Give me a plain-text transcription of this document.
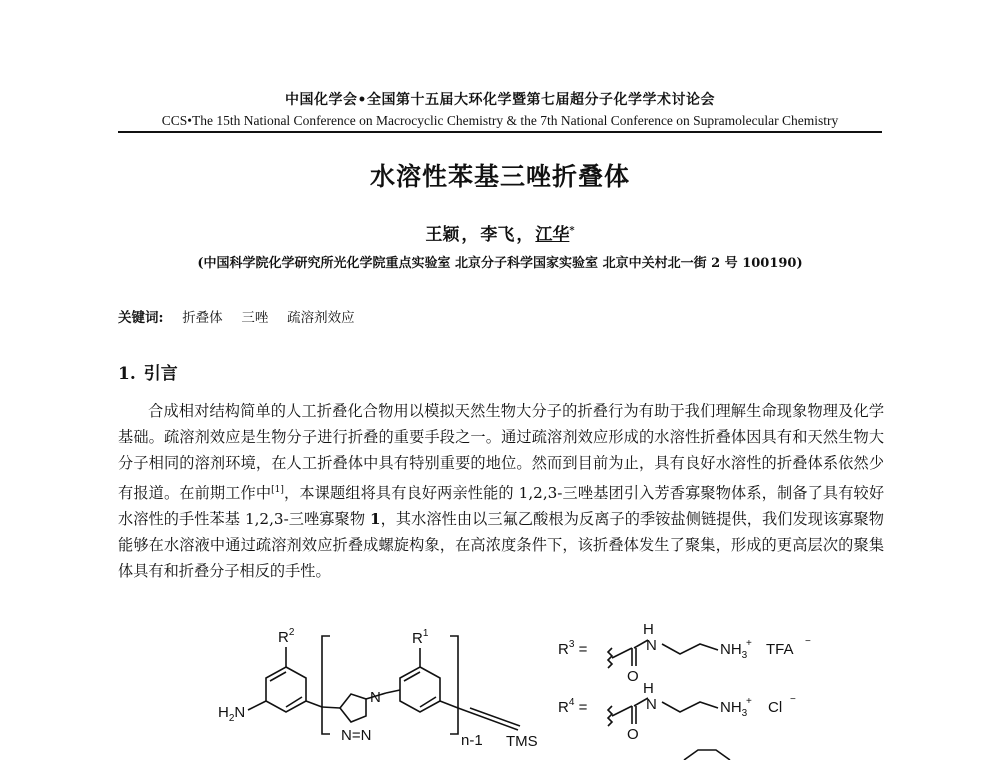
中国化学会•全国第十五届大环化学暨第七届超分子化学学术讨论会
CCS•The 15th National Conference on Macrocyclic Chemistry & the 7th National Conference on Supramolecular Chemistry
水溶性苯基三唑折叠体
王颖 ， 李飞 ， 江华*
(中国科学院化学研究所光化学院重点实验室 北京分子科学国家实验室 北京中关村北一街 2 号 100190)
关键词: 折叠体 三唑 疏溶剂效应
1. 引言
合成相对结构简单的人工折叠化合物用以模拟天然生物大分子的折叠行为有助于我们理解生命现象物理及化学基础。疏溶剂效应是生物分子进行折叠的重要手段之一。通过疏溶剂效应形成的水溶性折叠体因具有和天然生物大分子相同的溶剂环境，在人工折叠体中具有特别重要的地位。然而到目前为止，具有良好水溶性的折叠体系依然少有报道。在前期工作中[1]，本课题组将具有良好两亲性能的 1,2,3-三唑基团引入芳香寡聚物体系，制备了具有较好水溶性的手性苯基 1,2,3-三唑寡聚物 1，其水溶性由以三氟乙酸根为反离子的季铵盐侧链提供，我们发现该寡聚物能够在水溶液中通过疏溶剂效应折叠成螺旋构象，在高浓度条件下，该折叠体发生了聚集，形成的更高层次的聚集体具有和折叠分子相反的手性。
$R^2$	$R^1$
$H_2N$
N
N=N	n-1 TMS
$R^3$ =
H
N
O
$NH_3$ TFA
$R^4$ =
H
N
O
$NH_3$ Cl
+
+
−
−
